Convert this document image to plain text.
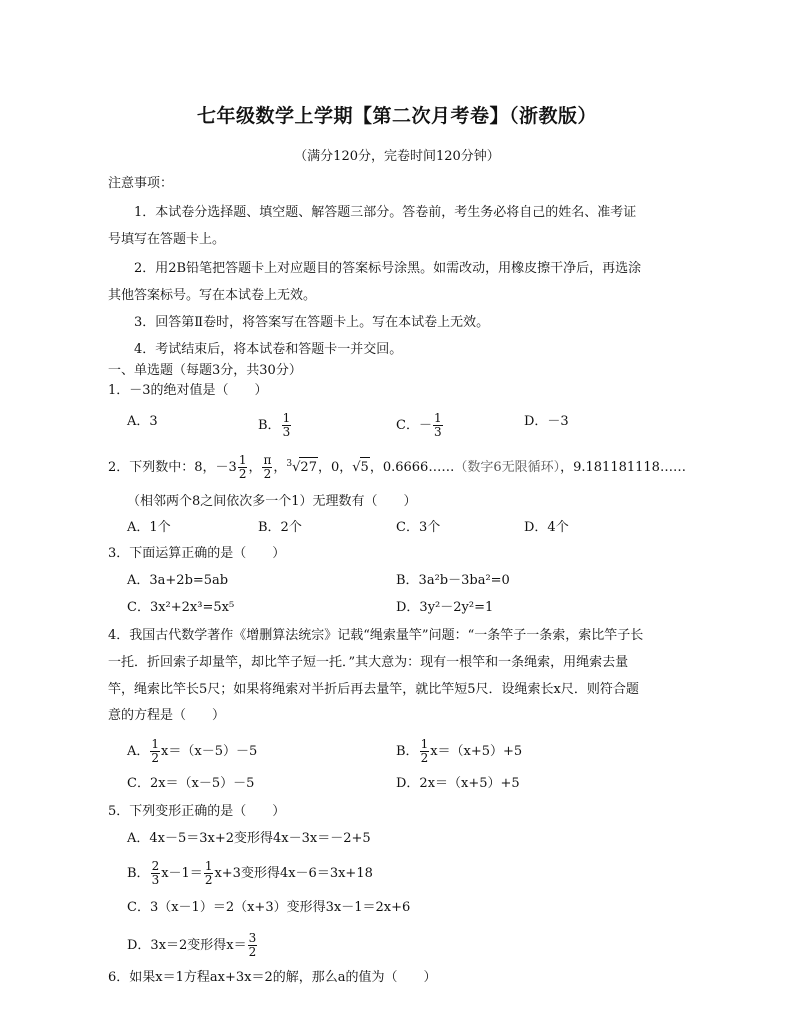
七年级数学上学期【第二次月考卷】（浙教版）
（满分120分，完卷时间120分钟）
注意事项：
1．本试卷分选择题、填空题、解答题三部分。答卷前，考生务必将自己的姓名、准考证
号填写在答题卡上。
2．用2B铅笔把答题卡上对应题目的答案标号涂黑。如需改动，用橡皮擦干净后，再选涂
其他答案标号。写在本试卷上无效。
3．回答第Ⅱ卷时，将答案写在答题卡上。写在本试卷上无效。
4．考试结束后，将本试卷和答题卡一并交回。
一、单选题（每题3分，共30分）
1．－3的绝对值是（　　）
A．3	B． $\frac{1}{3}$	C．－ $\frac{1}{3}$	D．－3
2．下列数中：8，$-3 \frac{1}{2}$ ， $\frac{\pi}{2}$ ，$^3$√27，0，√5，0.6666……（数字6无限循环），9.181181118……
（相邻两个8之间依次多一个1）无理数有（　　）
A．1个	B．2个	C．3个	D．4个
3．下面运算正确的是（　　）
A．3a+2b=5ab	B．3a²b－3ba²=0
C．3x²+2x³=5x⁵	D．3y²－2y²=1
4．我国古代数学著作《增删算法统宗》记载“绳索量竿”问题：“一条竿子一条索，索比竿子长
一托．折回索子却量竿，却比竿子短一托．”其大意为：现有一根竿和一条绳索，用绳索去量
竿，绳索比竿长5尺；如果将绳索对半折后再去量竿，就比竿短5尺．设绳索长x尺．则符合题
意的方程是（　　）
A． $\frac{1}{2} x=(x-5)-5$	B． $\frac{1}{2} x=(x+5)+5$
C．2x＝（x－5）－5	D．2x＝（x+5）+5
5．下列变形正确的是（　　）
A．4x－5＝3x+2变形得4x－3x＝－2+5
B． $\frac{2}{3} x-1= \frac{1}{2} x+3$变形得4x－6＝3x+18
C．3（x－1）＝2（x+3）变形得3x－1＝2x+6
D．3x＝2变形得$x= \frac{3}{2}$
6．如果x＝1方程ax+3x＝2的解，那么a的值为（　　）
